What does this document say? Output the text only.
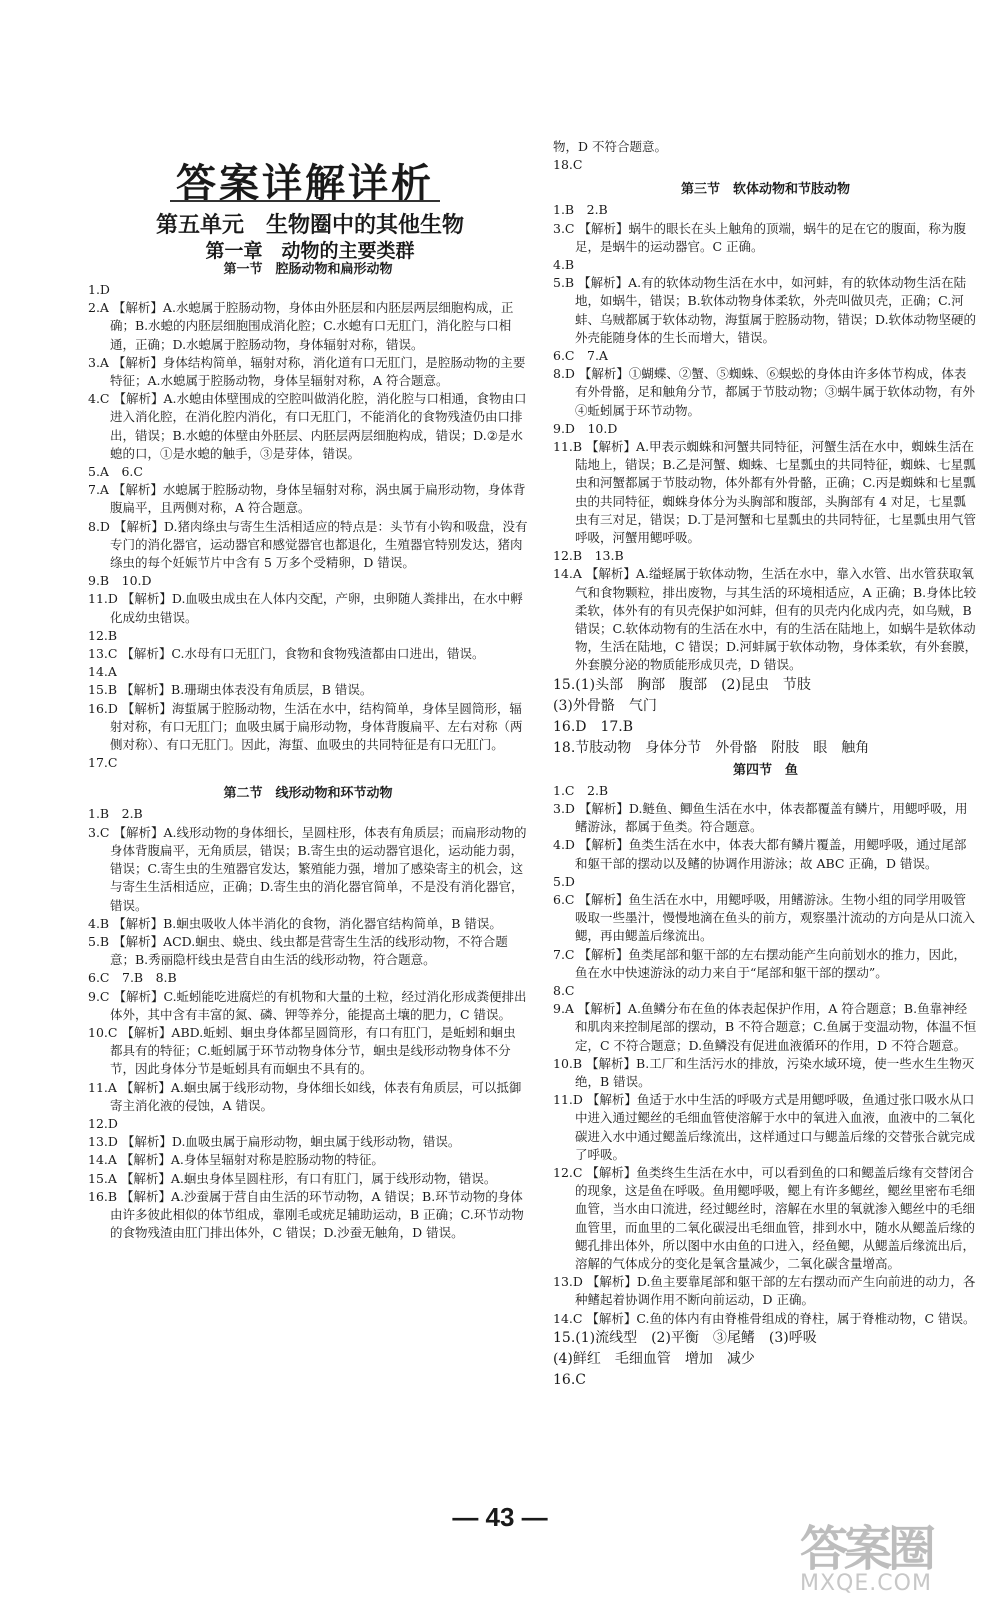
答案详解详析
第五单元　生物圈中的其他生物
第一章　动物的主要类群
第一节　腔肠动物和扁形动物

1.D

2.A 【解析】A.水螅属于腔肠动物，身体由外胚层和内胚层两层细胞构成，正确；B.水螅的内胚层细胞围成消化腔；C.水螅有口无肛门，消化腔与口相通，正确；D.水螅属于腔肠动物，身体辐射对称，错误。

3.A 【解析】身体结构简单，辐射对称，消化道有口无肛门，是腔肠动物的主要特征；A.水螅属于腔肠动物，身体呈辐射对称，A 符合题意。

4.C 【解析】A.水螅由体壁围成的空腔叫做消化腔，消化腔与口相通，食物由口进入消化腔，在消化腔内消化，有口无肛门，不能消化的食物残渣仍由口排出，错误；B.水螅的体壁由外胚层、内胚层两层细胞构成，错误；D.②是水螅的口，①是水螅的触手，③是芽体，错误。

5.A　6.C

7.A 【解析】水螅属于腔肠动物，身体呈辐射对称，涡虫属于扁形动物，身体背腹扁平，且两侧对称，A 符合题意。

8.D 【解析】D.猪肉绦虫与寄生生活相适应的特点是：头节有小钩和吸盘，没有专门的消化器官，运动器官和感觉器官也都退化，生殖器官特别发达，猪肉绦虫的每个妊娠节片中含有 5 万多个受精卵，D 错误。

9.B　10.D

11.D 【解析】D.血吸虫成虫在人体内交配，产卵，虫卵随人粪排出，在水中孵化成幼虫错误。

12.B

13.C 【解析】C.水母有口无肛门，食物和食物残渣都由口进出，错误。

14.A

15.B 【解析】B.珊瑚虫体表没有角质层，B 错误。

16.D 【解析】海蜇属于腔肠动物，生活在水中，结构简单，身体呈圆筒形，辐射对称，有口无肛门；血吸虫属于扁形动物，身体背腹扁平、左右对称（两侧对称）、有口无肛门。因此，海蜇、血吸虫的共同特征是有口无肛门。

17.C

第二节　线形动物和环节动物

1.B　2.B

3.C 【解析】A.线形动物的身体细长，呈圆柱形，体表有角质层；而扁形动物的身体背腹扁平，无角质层，错误；B.寄生虫的运动器官退化，运动能力弱，错误；C.寄生虫的生殖器官发达，繁殖能力强，增加了感染寄主的机会，这与寄生生活相适应，正确；D.寄生虫的消化器官简单，不是没有消化器官，错误。

4.B 【解析】B.蛔虫吸收人体半消化的食物，消化器官结构简单，B 错误。

5.B 【解析】ACD.蛔虫、蛲虫、线虫都是营寄生生活的线形动物，不符合题意；B.秀丽隐杆线虫是营自由生活的线形动物，符合题意。

6.C　7.B　8.B

9.C 【解析】C.蚯蚓能吃进腐烂的有机物和大量的土粒，经过消化形成粪便排出体外，其中含有丰富的氮、磷、钾等养分，能提高土壤的肥力，C 错误。

10.C 【解析】ABD.蚯蚓、蛔虫身体都呈圆筒形，有口有肛门，是蚯蚓和蛔虫都具有的特征；C.蚯蚓属于环节动物身体分节，蛔虫是线形动物身体不分节，因此身体分节是蚯蚓具有而蛔虫不具有的。

11.A 【解析】A.蛔虫属于线形动物，身体细长如线，体表有角质层，可以抵御寄主消化液的侵蚀，A 错误。

12.D

13.D 【解析】D.血吸虫属于扁形动物，蛔虫属于线形动物，错误。

14.A 【解析】A.身体呈辐射对称是腔肠动物的特征。

15.A 【解析】A.蛔虫身体呈圆柱形，有口有肛门，属于线形动物，错误。

16.B 【解析】A.沙蚕属于营自由生活的环节动物，A 错误；B.环节动物的身体由许多彼此相似的体节组成，靠刚毛或疣足辅助运动，B 正确；C.环节动物的食物残渣由肛门排出体外，C 错误；D.沙蚕无触角，D 错误。

物，D 不符合题意。

18.C

第三节　软体动物和节肢动物

1.B　2.B

3.C 【解析】蜗牛的眼长在头上触角的顶端，蜗牛的足在它的腹面，称为腹足，是蜗牛的运动器官。C 正确。

4.B

5.B 【解析】A.有的软体动物生活在水中，如河蚌，有的软体动物生活在陆地，如蜗牛，错误；B.软体动物身体柔软，外壳叫做贝壳，正确；C.河蚌、乌贼都属于软体动物，海蜇属于腔肠动物，错误；D.软体动物坚硬的外壳能随身体的生长而增大，错误。

6.C　7.A

8.D 【解析】①蝴蝶、②蟹、⑤蜘蛛、⑥蜈蚣的身体由许多体节构成，体表有外骨骼，足和触角分节，都属于节肢动物；③蜗牛属于软体动物，有外④蚯蚓属于环节动物。

9.D　10.D

11.B 【解析】A.甲表示蜘蛛和河蟹共同特征，河蟹生活在水中，蜘蛛生活在陆地上，错误；B.乙是河蟹、蜘蛛、七星瓢虫的共同特征，蜘蛛、七星瓢虫和河蟹都属于节肢动物，体外都有外骨骼，正确；C.丙是蜘蛛和七星瓢虫的共同特征，蜘蛛身体分为头胸部和腹部，头胸部有 4 对足，七星瓢虫有三对足，错误；D.丁是河蟹和七星瓢虫的共同特征，七星瓢虫用气管呼吸，河蟹用鳃呼吸。

12.B　13.B

14.A 【解析】A.缢蛏属于软体动物，生活在水中，靠入水管、出水管获取氧气和食物颗粒，排出废物，与其生活的环境相适应，A 正确；B.身体比较柔软，体外有的有贝壳保护如河蚌，但有的贝壳内化成内壳，如乌贼，B 错误；C.软体动物有的生活在水中，有的生活在陆地上，如蜗牛是软体动物，生活在陆地，C 错误；D.河蚌属于软体动物，身体柔软，有外套膜，外套膜分泌的物质能形成贝壳，D 错误。

15.(1)头部　胸部　腹部　(2)昆虫　节肢

(3)外骨骼　气门

16.D　17.B

18.节肢动物　身体分节　外骨骼　附肢　眼　触角

第四节　鱼

1.C　2.B

3.D 【解析】D.鲢鱼、鲫鱼生活在水中，体表都覆盖有鳞片，用鳃呼吸，用鳍游泳，都属于鱼类。符合题意。

4.D 【解析】鱼类生活在水中，体表大都有鳞片覆盖，用鳃呼吸，通过尾部和躯干部的摆动以及鳍的协调作用游泳；故 ABC 正确，D 错误。

5.D

6.C 【解析】鱼生活在水中，用鳃呼吸，用鳍游泳。生物小组的同学用吸管吸取一些墨汁，慢慢地滴在鱼头的前方，观察墨汁流动的方向是从口流入鳃，再由鳃盖后缘流出。

7.C 【解析】鱼类尾部和躯干部的左右摆动能产生向前划水的推力，因此，鱼在水中快速游泳的动力来自于“尾部和躯干部的摆动”。

8.C

9.A 【解析】A.鱼鳞分布在鱼的体表起保护作用，A 符合题意；B.鱼靠神经和肌肉来控制尾部的摆动，B 不符合题意；C.鱼属于变温动物，体温不恒定，C 不符合题意；D.鱼鳞没有促进血液循环的作用，D 不符合题意。

10.B 【解析】B.工厂和生活污水的排放，污染水域环境，使一些水生生物灭绝，B 错误。

11.D 【解析】鱼适于水中生活的呼吸方式是用鳃呼吸，鱼通过张口吸水从口中进入通过鳃丝的毛细血管使溶解于水中的氧进入血液，血液中的二氧化碳进入水中通过鳃盖后缘流出，这样通过口与鳃盖后缘的交替张合就完成了呼吸。

12.C 【解析】鱼类终生生活在水中，可以看到鱼的口和鳃盖后缘有交替闭合的现象，这是鱼在呼吸。鱼用鳃呼吸，鳃上有许多鳃丝，鳃丝里密布毛细血管，当水由口流进，经过鳃丝时，溶解在水里的氧就渗入鳃丝中的毛细血管里，而血里的二氧化碳浸出毛细血管，排到水中，随水从鳃盖后缘的鳃孔排出体外，所以图中水由鱼的口进入，经鱼鳃，从鳃盖后缘流出后，溶解的气体成分的变化是氧含量减少，二氧化碳含量增高。

13.D 【解析】D.鱼主要靠尾部和躯干部的左右摆动而产生向前进的动力，各种鳍起着协调作用不断向前运动，D 正确。

14.C 【解析】C.鱼的体内有由脊椎骨组成的脊柱，属于脊椎动物，C 错误。

15.(1)流线型　(2)平衡　③尾鳍　(3)呼吸

(4)鲜红　毛细血管　增加　减少

16.C

— 43 —
答案圈
MXQE.COM
